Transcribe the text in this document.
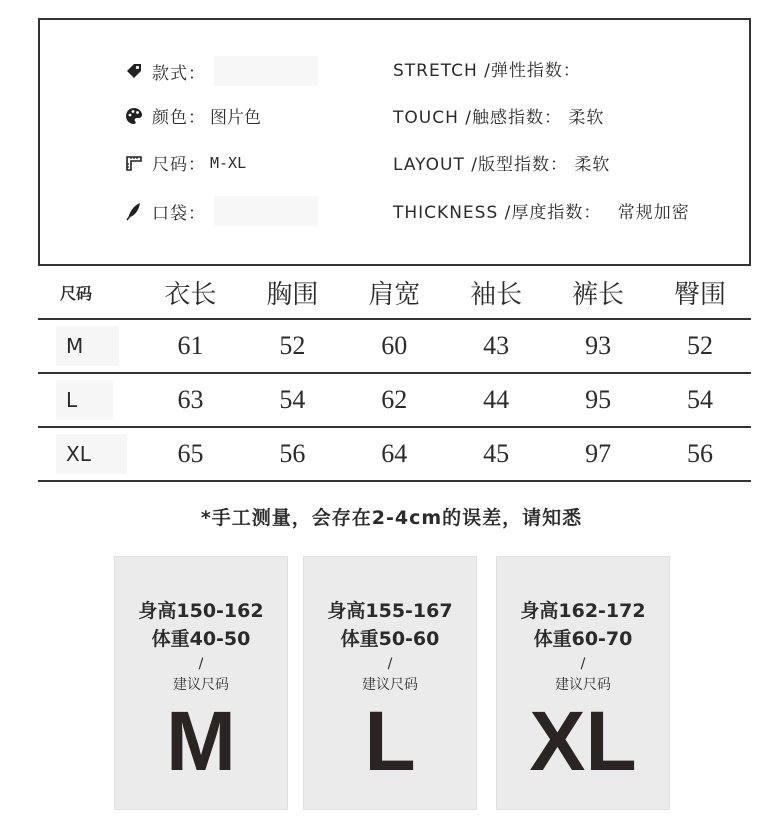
款式：
颜色： 图片色
尺码： M-XL
口袋：
STRETCH /弹性指数：
TOUCH /触感指数： 柔软
LAYOUT /版型指数： 柔软
THICKNESS /厚度指数： 常规加密
尺码	衣长	胸围	肩宽	袖长	裤长	臀围
M	61	52	60	43	93	52
L	63	54	62	44	95	54
XL	65	56	64	45	97	56
*手工测量，会存在2-4cm的误差，请知悉
身高150-162
体重40-50
/
建议尺码
M
身高155-167
体重50-60
/
建议尺码
L
身高162-172
体重60-70
/
建议尺码
XL
